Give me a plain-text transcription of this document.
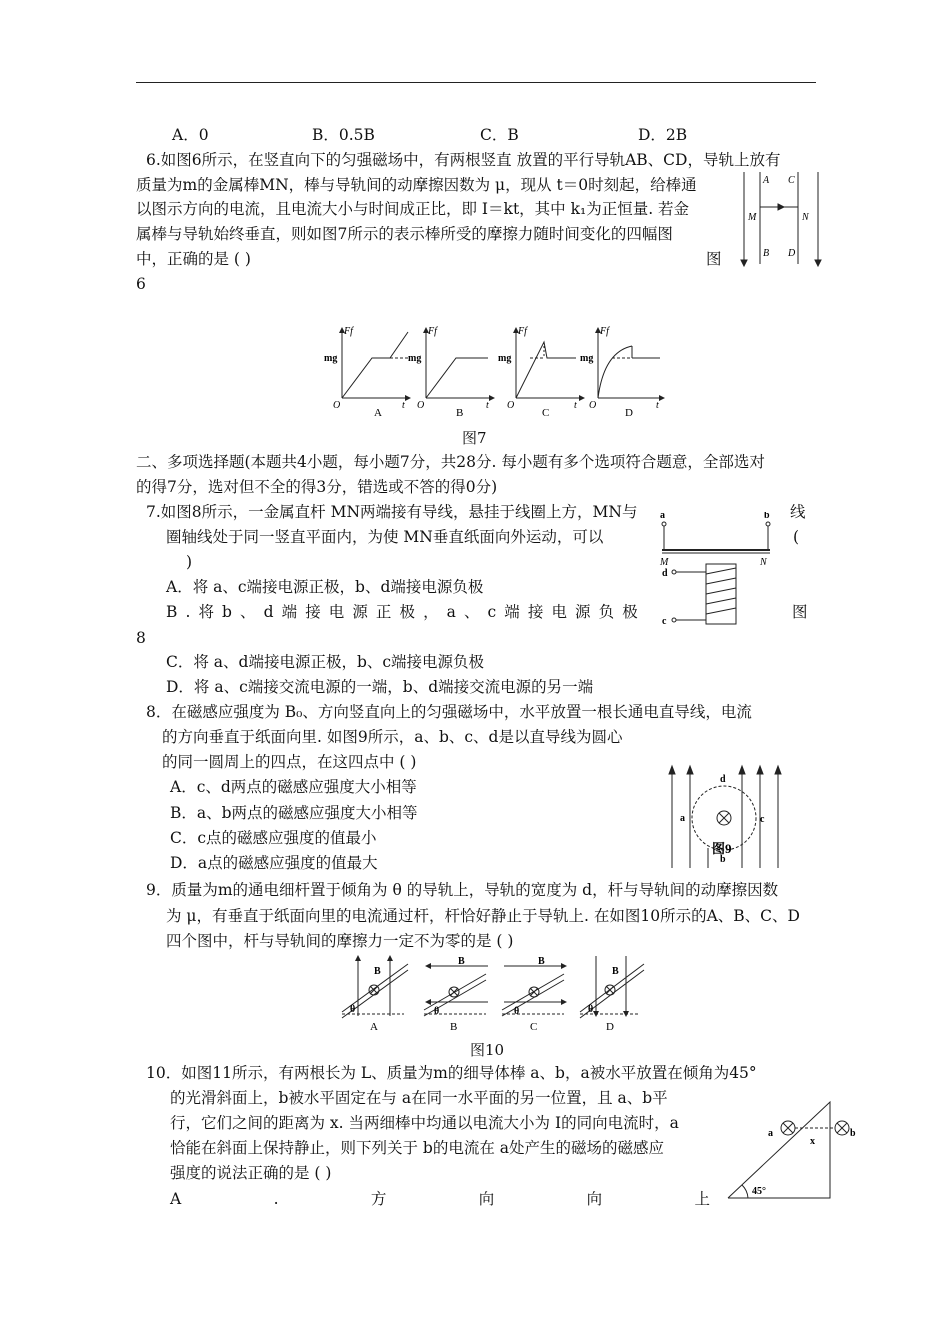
A．0	B．0.5B	C．B	D．2B
6.如图6所示，在竖直向下的匀强磁场中，有两根竖直 放置的平行导轨AB、CD，导轨上放有
质量为m的金属棒MN，棒与导轨间的动摩擦因数为 μ，现从 t＝0时刻起，给棒通
以图示方向的电流，且电流大小与时间成正比，即 I＝kt，其中 k₁为正恒量. 若金
属棒与导轨始终垂直，则如图7所示的表示棒所受的摩擦力随时间变化的四幅图
中，正确的是 ( )	图
6
A C
M	N
B D
Ff
mg
O	t
A
Ff
mg
O	t
B
Ff
mg
O	t
C
Ff
mg
O	t
D
图7
二、多项选择题(本题共4小题，每小题7分，共28分. 每小题有多个选项符合题意，全部选对
的得7分，选对但不全的得3分，错选或不答的得0分)
7.如图8所示，一金属直杆 MN两端接有导线，悬挂于线圈上方，MN与	线
圈轴线处于同一竖直平面内，为使 MN垂直纸面向外运动，可以	(
)
A．将 a、c端接电源正极，b、d端接电源负极
B . 将 b 、 d 端 接 电 源 正 极 ， a 、 c 端 接 电 源 负 极	图
8
C．将 a、d端接电源正极，b、c端接电源负极
D．将 a、c端接交流电源的一端，b、d端接交流电源的另一端
a	b
M	N
d
c
8．在磁感应强度为 B₀、方向竖直向上的匀强磁场中，水平放置一根长通电直导线，电流
的方向垂直于纸面向里. 如图9所示，a、b、c、d是以直导线为圆心
的同一圆周上的四点，在这四点中 ( )
A．c、d两点的磁感应强度大小相等
B．a、b两点的磁感应强度大小相等
C．c点的磁感应强度的值最小
D．a点的磁感应强度的值最大
d
a	c
b
图9
9．质量为m的通电细杆置于倾角为 θ 的导轨上，导轨的宽度为 d，杆与导轨间的动摩擦因数
为 μ，有垂直于纸面向里的电流通过杆，杆恰好静止于导轨上. 在如图10所示的A、B、C、D
四个图中，杆与导轨间的摩擦力一定不为零的是 ( )
B
θ
A
B
θ
B
B
θ
C
B
θ
D
图10
10．如图11所示，有两根长为 L、质量为m的细导体棒 a、b，a被水平放置在倾角为45°
的光滑斜面上，b被水平固定在与 a在同一水平面的另一位置，且 a、b平
行，它们之间的距离为 x. 当两细棒中均通以电流大小为 I的同向电流时，a
恰能在斜面上保持静止，则下列关于 b的电流在 a处产生的磁场的磁感应
强度的说法正确的是 ( )
A	.	方	向	向	上
a	b
x
45°
